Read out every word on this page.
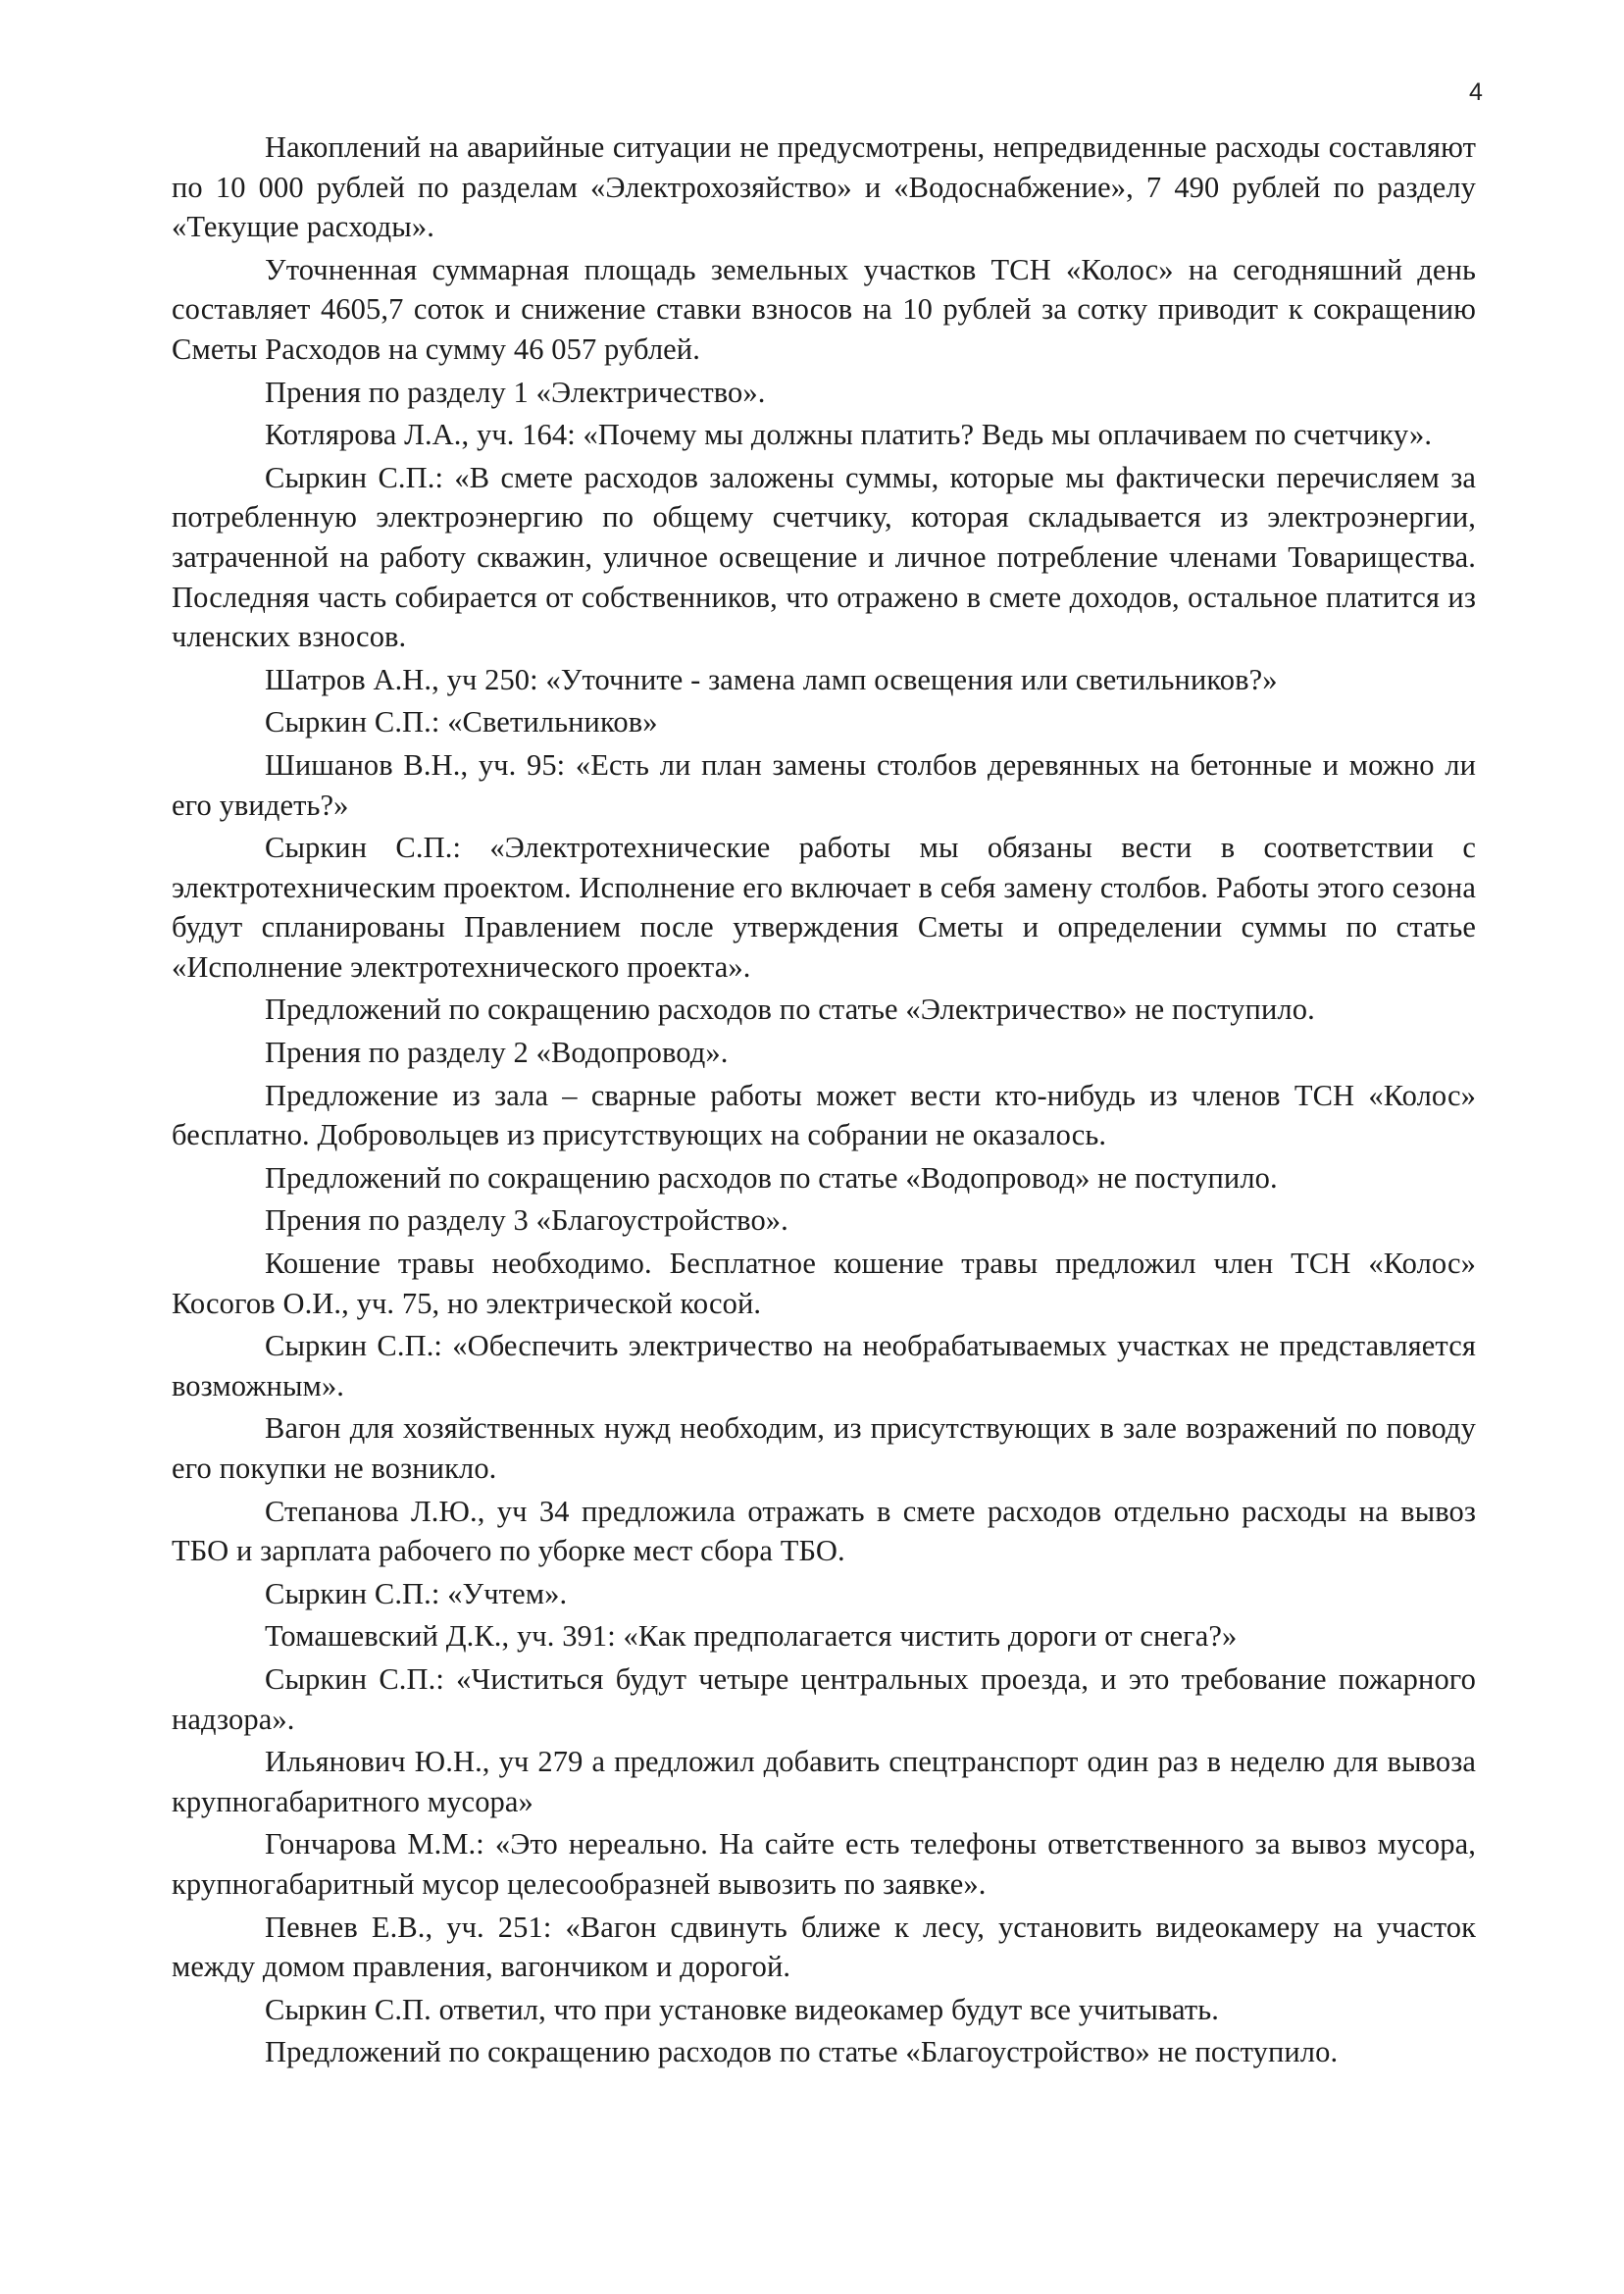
4

Накоплений на аварийные ситуации не предусмотрены, непредвиденные расходы составляют по 10 000 рублей по разделам «Электрохозяйство» и «Водоснабжение», 7 490 рублей по разделу «Текущие расходы».

Уточненная суммарная площадь земельных участков ТСН «Колос» на сегодняшний день составляет 4605,7 соток и снижение ставки взносов на 10 рублей за сотку приводит к сокращению Сметы Расходов на сумму 46 057 рублей.

Прения по разделу 1 «Электричество».

Котлярова Л.А., уч. 164: «Почему мы должны платить? Ведь мы оплачиваем по счетчику».

Сыркин С.П.: «В смете расходов заложены суммы, которые мы фактически перечисляем за потребленную электроэнергию по общему счетчику, которая складывается из электроэнергии, затраченной на работу скважин, уличное освещение и личное потребление членами Товарищества. Последняя часть собирается от собственников, что отражено в смете доходов, остальное платится из членских взносов.

Шатров А.Н., уч 250: «Уточните - замена ламп освещения или светильников?»

Сыркин С.П.: «Светильников»

Шишанов В.Н., уч. 95: «Есть ли план замены столбов деревянных на бетонные и можно ли его увидеть?»

Сыркин С.П.: «Электротехнические работы мы обязаны вести в соответствии с электротехническим проектом. Исполнение его включает в себя замену столбов. Работы этого сезона будут спланированы Правлением после утверждения Сметы и определении суммы по статье «Исполнение электротехнического проекта».

Предложений по сокращению расходов по статье «Электричество» не поступило.

Прения по разделу 2 «Водопровод».

Предложение из зала – сварные работы может вести кто-нибудь из членов ТСН «Колос» бесплатно. Добровольцев из присутствующих на собрании не оказалось.

Предложений по сокращению расходов по статье «Водопровод» не поступило.

Прения по разделу 3 «Благоустройство».

Кошение травы необходимо. Бесплатное кошение травы предложил член ТСН «Колос» Косогов О.И., уч. 75, но электрической косой.

Сыркин С.П.: «Обеспечить электричество на необрабатываемых участках не представляется возможным».

Вагон для хозяйственных нужд необходим, из присутствующих в зале возражений по поводу его покупки не возникло.

Степанова Л.Ю., уч 34 предложила отражать в смете расходов отдельно расходы на вывоз ТБО и зарплата рабочего по уборке мест сбора ТБО.

Сыркин С.П.: «Учтем».

Томашевский Д.К., уч. 391: «Как предполагается чистить дороги от снега?»

Сыркин С.П.: «Чиститься будут четыре центральных проезда, и это требование пожарного надзора».

Ильянович Ю.Н., уч 279 а предложил добавить спецтранспорт один раз в неделю для вывоза крупногабаритного мусора»

Гончарова М.М.: «Это нереально. На сайте есть телефоны ответственного за вывоз мусора, крупногабаритный мусор целесообразней вывозить по заявке».

Певнев Е.В., уч. 251: «Вагон сдвинуть ближе к лесу, установить видеокамеру на участок между домом правления, вагончиком и дорогой.

Сыркин С.П. ответил, что при установке видеокамер будут все учитывать.

Предложений по сокращению расходов по статье «Благоустройство» не поступило.
